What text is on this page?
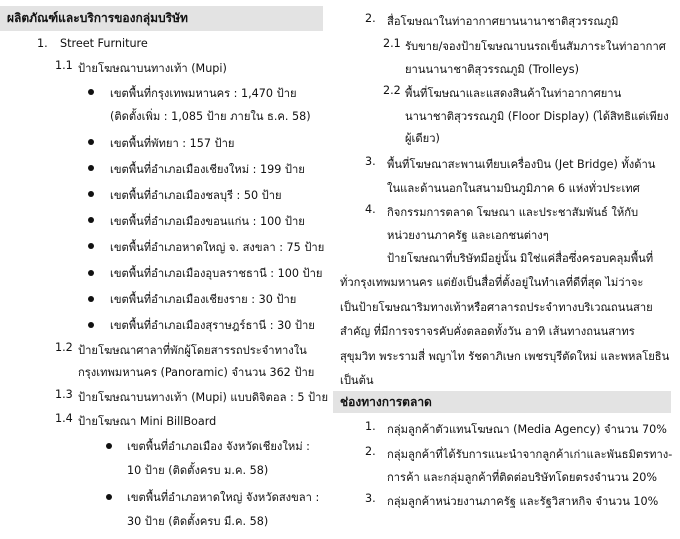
ผลิตภัณฑ์และบริการของกลุ่มบริษัท
1. Street Furniture
1.1 ป้ายโฆษณาบนทางเท้า (Mupi)
เขตพื้นที่กรุงเทพมหานคร : 1,470 ป้าย
(ติดตั้งเพิ่ม : 1,085 ป้าย ภายใน ธ.ค. 58)
เขตพื้นที่พัทยา : 157 ป้าย
เขตพื้นที่อำเภอเมืองเชียงใหม่ : 199 ป้าย
เขตพื้นที่อำเภอเมืองชลบุรี : 50 ป้าย
เขตพื้นที่อำเภอเมืองขอนแก่น : 100 ป้าย
เขตพื้นที่อำเภอหาดใหญ่ จ. สงขลา : 75 ป้าย
เขตพื้นที่อำเภอเมืองอุบลราชธานี : 100 ป้าย
เขตพื้นที่อำเภอเมืองเชียงราย : 30 ป้าย
เขตพื้นที่อำเภอเมืองสุราษฎร์ธานี : 30 ป้าย
1.2 ป้ายโฆษณาศาลาที่พักผู้โดยสารรถประจำทางใน
กรุงเทพมหานคร (Panoramic) จำนวน 362 ป้าย
1.3 ป้ายโฆษณาบนทางเท้า (Mupi) แบบดิจิตอล : 5 ป้าย
1.4 ป้ายโฆษณา Mini BillBoard
เขตพื้นที่อำเภอเมือง จังหวัดเชียงใหม่ :
10 ป้าย (ติดตั้งครบ ม.ค. 58)
เขตพื้นที่อำเภอหาดใหญ่ จังหวัดสงขลา :
30 ป้าย (ติดตั้งครบ มี.ค. 58)
2. สื่อโฆษณาในท่าอากาศยานนานาชาติสุวรรณภูมิ
2.1 รับขาย/จองป้ายโฆษณาบนรถเข็นสัมภาระในท่าอากาศ
ยานนานาชาติสุวรรณภูมิ (Trolleys)
2.2 พื้นที่โฆษณาและแสดงสินค้าในท่าอากาศยาน
นานาชาติสุวรรณภูมิ (Floor Display) (ได้สิทธิแต่เพียง
ผู้เดียว)
3. พื้นที่โฆษณาสะพานเทียบเครื่องบิน (Jet Bridge) ทั้งด้าน
ในและด้านนอกในสนามบินภูมิภาค 6 แห่งทั่วประเทศ
4. กิจกรรมการตลาด โฆษณา และประชาสัมพันธ์ ให้กับ
หน่วยงานภาครัฐ และเอกชนต่างๆ
ป้ายโฆษณาที่บริษัทมีอยู่นั้น มิใช่แค่สื่อซึ่งครอบคลุมพื้นที่
ทั่วกรุงเทพมหานคร แต่ยังเป็นสื่อที่ตั้งอยู่ในทำเลที่ดีที่สุด ไม่ว่าจะ
เป็นป้ายโฆษณาริมทางเท้าหรือศาลารถประจำทางบริเวณถนนสาย
สำคัญ ที่มีการจราจรคับคั่งตลอดทั้งวัน อาทิ เส้นทางถนนสาทร
สุขุมวิท พระรามสี่ พญาไท รัชดาภิเษก เพชรบุรีตัดใหม่ และพหลโยธิน
เป็นต้น
ช่องทางการตลาด
1. กลุ่มลูกค้าตัวแทนโฆษณา (Media Agency) จำนวน 70%
2. กลุ่มลูกค้าที่ได้รับการแนะนำจากลูกค้าเก่าและพันธมิตรทาง-
การค้า และกลุ่มลูกค้าที่ติดต่อบริษัทโดยตรงจำนวน 20%
3. กลุ่มลูกค้าหน่วยงานภาครัฐ และรัฐวิสาหกิจ จำนวน 10%
